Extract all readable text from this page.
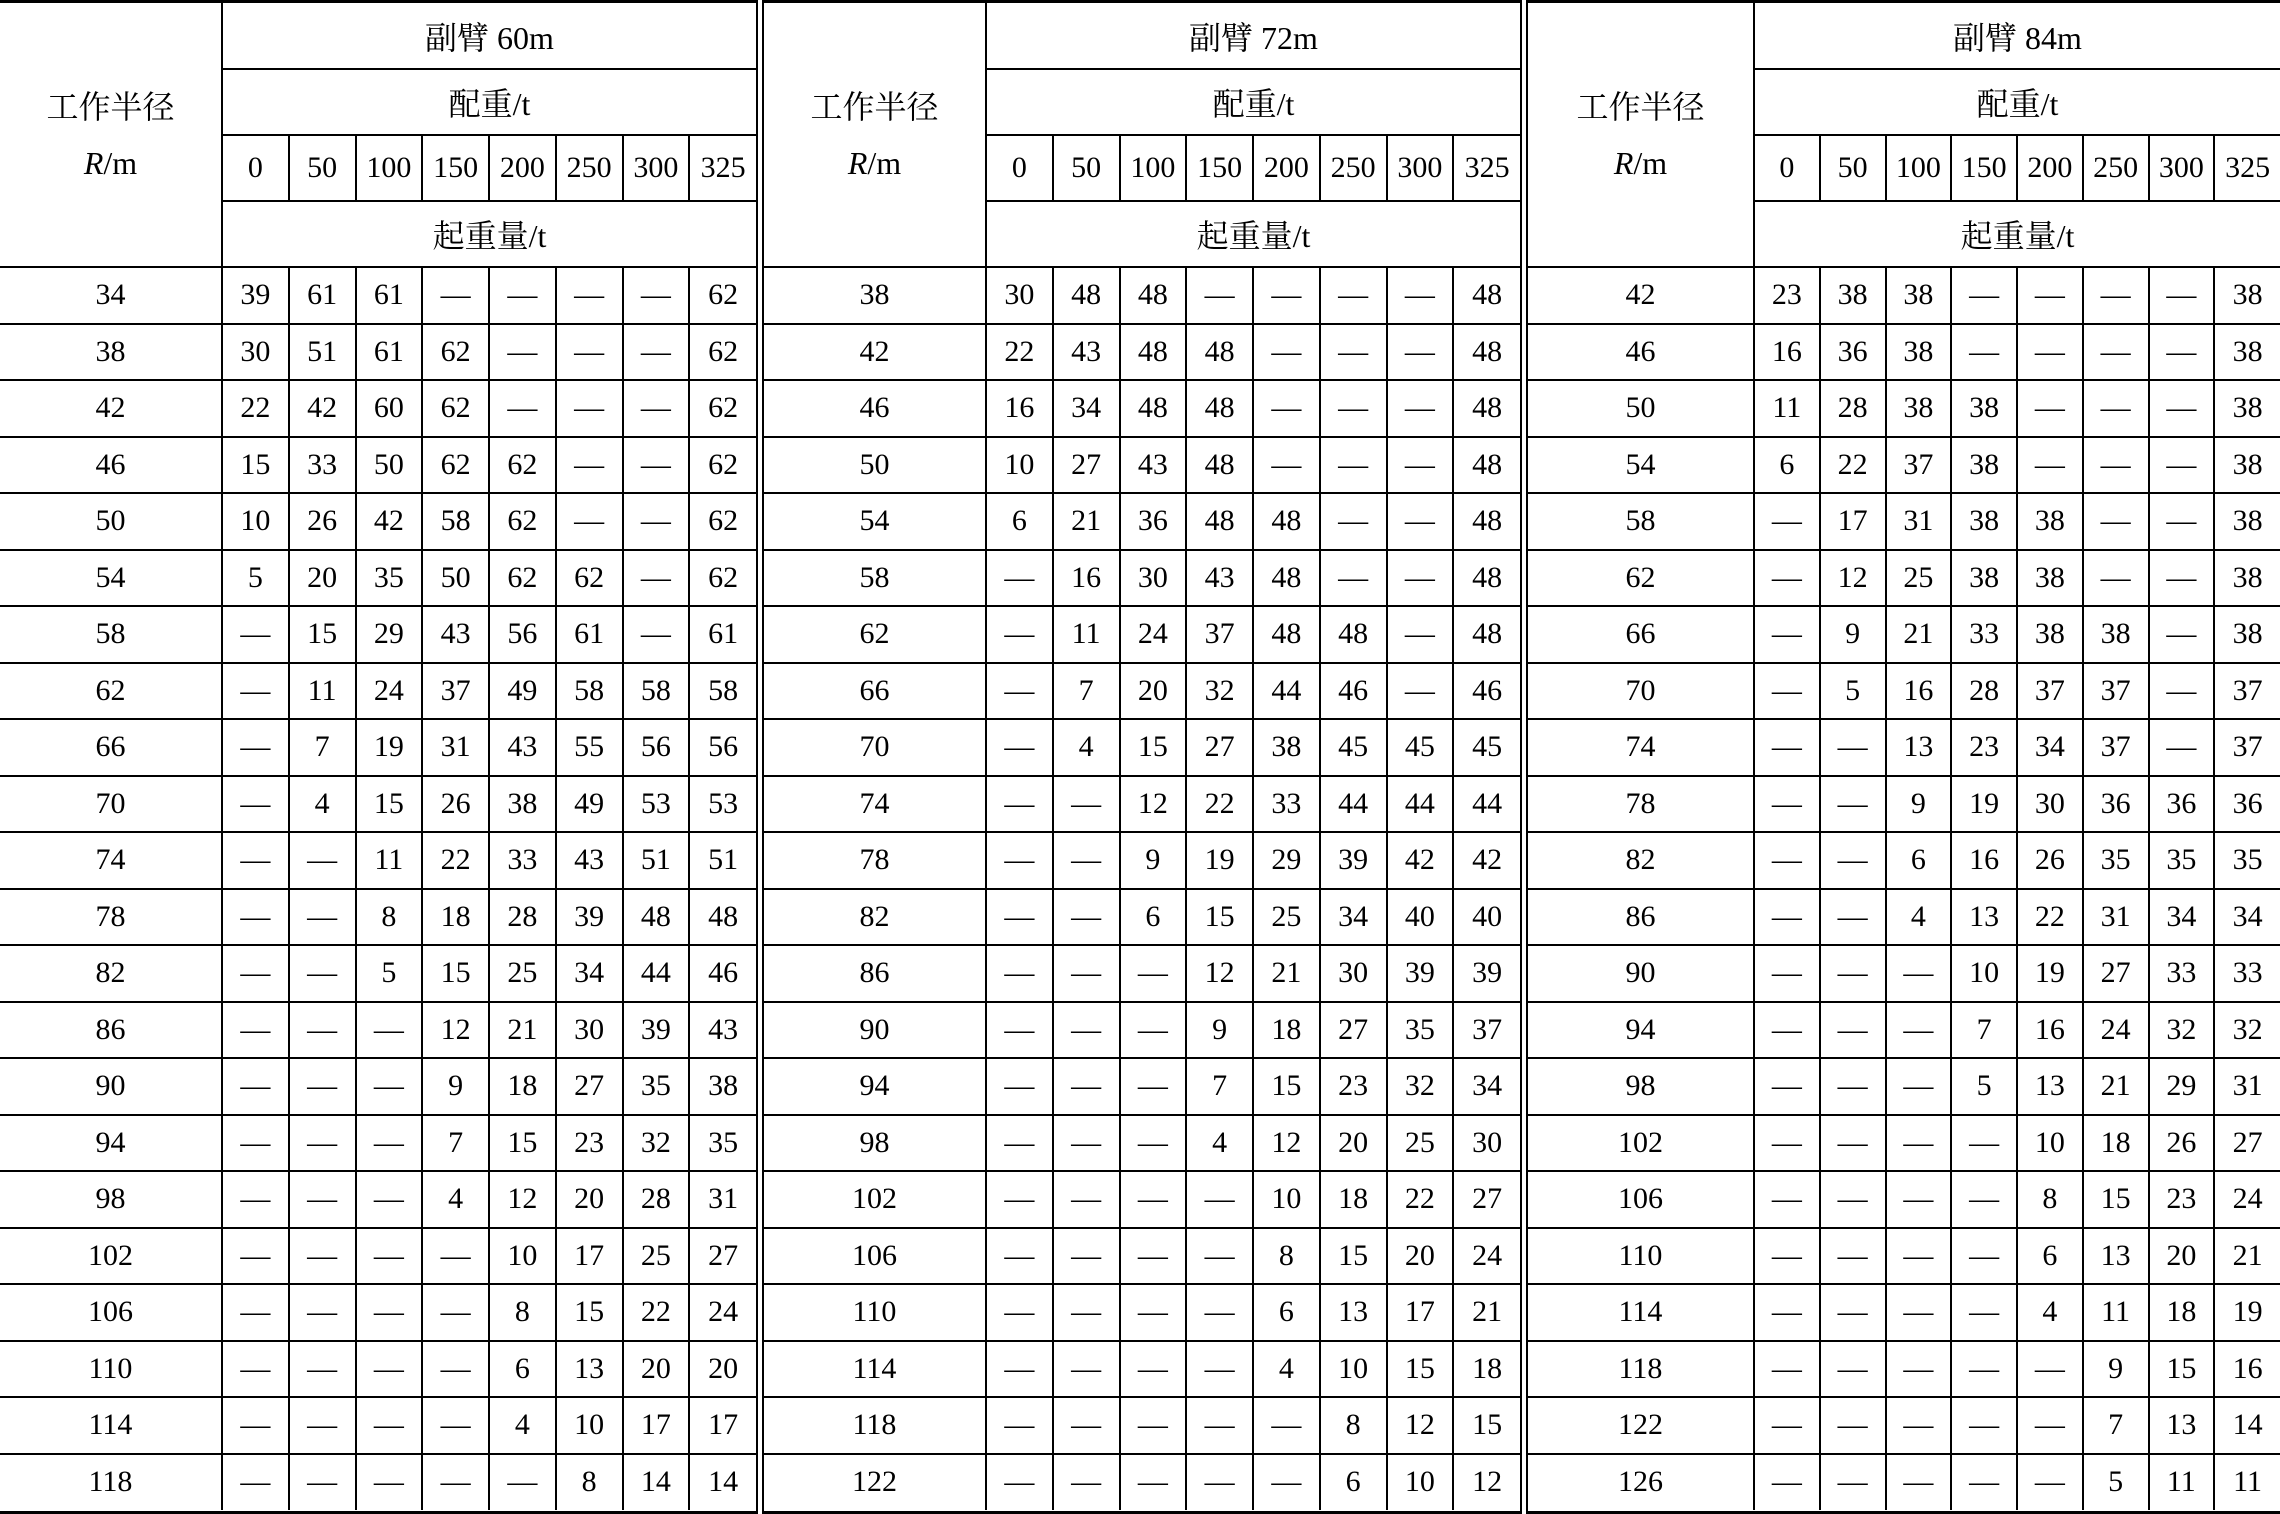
工作半径
R/m	副臂 60m							
	配重/t							
	0	50	100	150	200	250	300	325
	起重量/t							
34	39	61	61	—	—	—	—	62
38	30	51	61	62	—	—	—	62
42	22	42	60	62	—	—	—	62
46	15	33	50	62	62	—	—	62
50	10	26	42	58	62	—	—	62
54	5	20	35	50	62	62	—	62
58	—	15	29	43	56	61	—	61
62	—	11	24	37	49	58	58	58
66	—	7	19	31	43	55	56	56
70	—	4	15	26	38	49	53	53
74	—	—	11	22	33	43	51	51
78	—	—	8	18	28	39	48	48
82	—	—	5	15	25	34	44	46
86	—	—	—	12	21	30	39	43
90	—	—	—	9	18	27	35	38
94	—	—	—	7	15	23	32	35
98	—	—	—	4	12	20	28	31
102	—	—	—	—	10	17	25	27
106	—	—	—	—	8	15	22	24
110	—	—	—	—	6	13	20	20
114	—	—	—	—	4	10	17	17
118	—	—	—	—	—	8	14	14
工作半径
R/m	副臂 72m							
	配重/t							
	0	50	100	150	200	250	300	325
	起重量/t							
38	30	48	48	—	—	—	—	48
42	22	43	48	48	—	—	—	48
46	16	34	48	48	—	—	—	48
50	10	27	43	48	—	—	—	48
54	6	21	36	48	48	—	—	48
58	—	16	30	43	48	—	—	48
62	—	11	24	37	48	48	—	48
66	—	7	20	32	44	46	—	46
70	—	4	15	27	38	45	45	45
74	—	—	12	22	33	44	44	44
78	—	—	9	19	29	39	42	42
82	—	—	6	15	25	34	40	40
86	—	—	—	12	21	30	39	39
90	—	—	—	9	18	27	35	37
94	—	—	—	7	15	23	32	34
98	—	—	—	4	12	20	25	30
102	—	—	—	—	10	18	22	27
106	—	—	—	—	8	15	20	24
110	—	—	—	—	6	13	17	21
114	—	—	—	—	4	10	15	18
118	—	—	—	—	—	8	12	15
122	—	—	—	—	—	6	10	12
工作半径
R/m	副臂 84m							
	配重/t							
	0	50	100	150	200	250	300	325
	起重量/t							
42	23	38	38	—	—	—	—	38
46	16	36	38	—	—	—	—	38
50	11	28	38	38	—	—	—	38
54	6	22	37	38	—	—	—	38
58	—	17	31	38	38	—	—	38
62	—	12	25	38	38	—	—	38
66	—	9	21	33	38	38	—	38
70	—	5	16	28	37	37	—	37
74	—	—	13	23	34	37	—	37
78	—	—	9	19	30	36	36	36
82	—	—	6	16	26	35	35	35
86	—	—	4	13	22	31	34	34
90	—	—	—	10	19	27	33	33
94	—	—	—	7	16	24	32	32
98	—	—	—	5	13	21	29	31
102	—	—	—	—	10	18	26	27
106	—	—	—	—	8	15	23	24
110	—	—	—	—	6	13	20	21
114	—	—	—	—	4	11	18	19
118	—	—	—	—	—	9	15	16
122	—	—	—	—	—	7	13	14
126	—	—	—	—	—	5	11	11
